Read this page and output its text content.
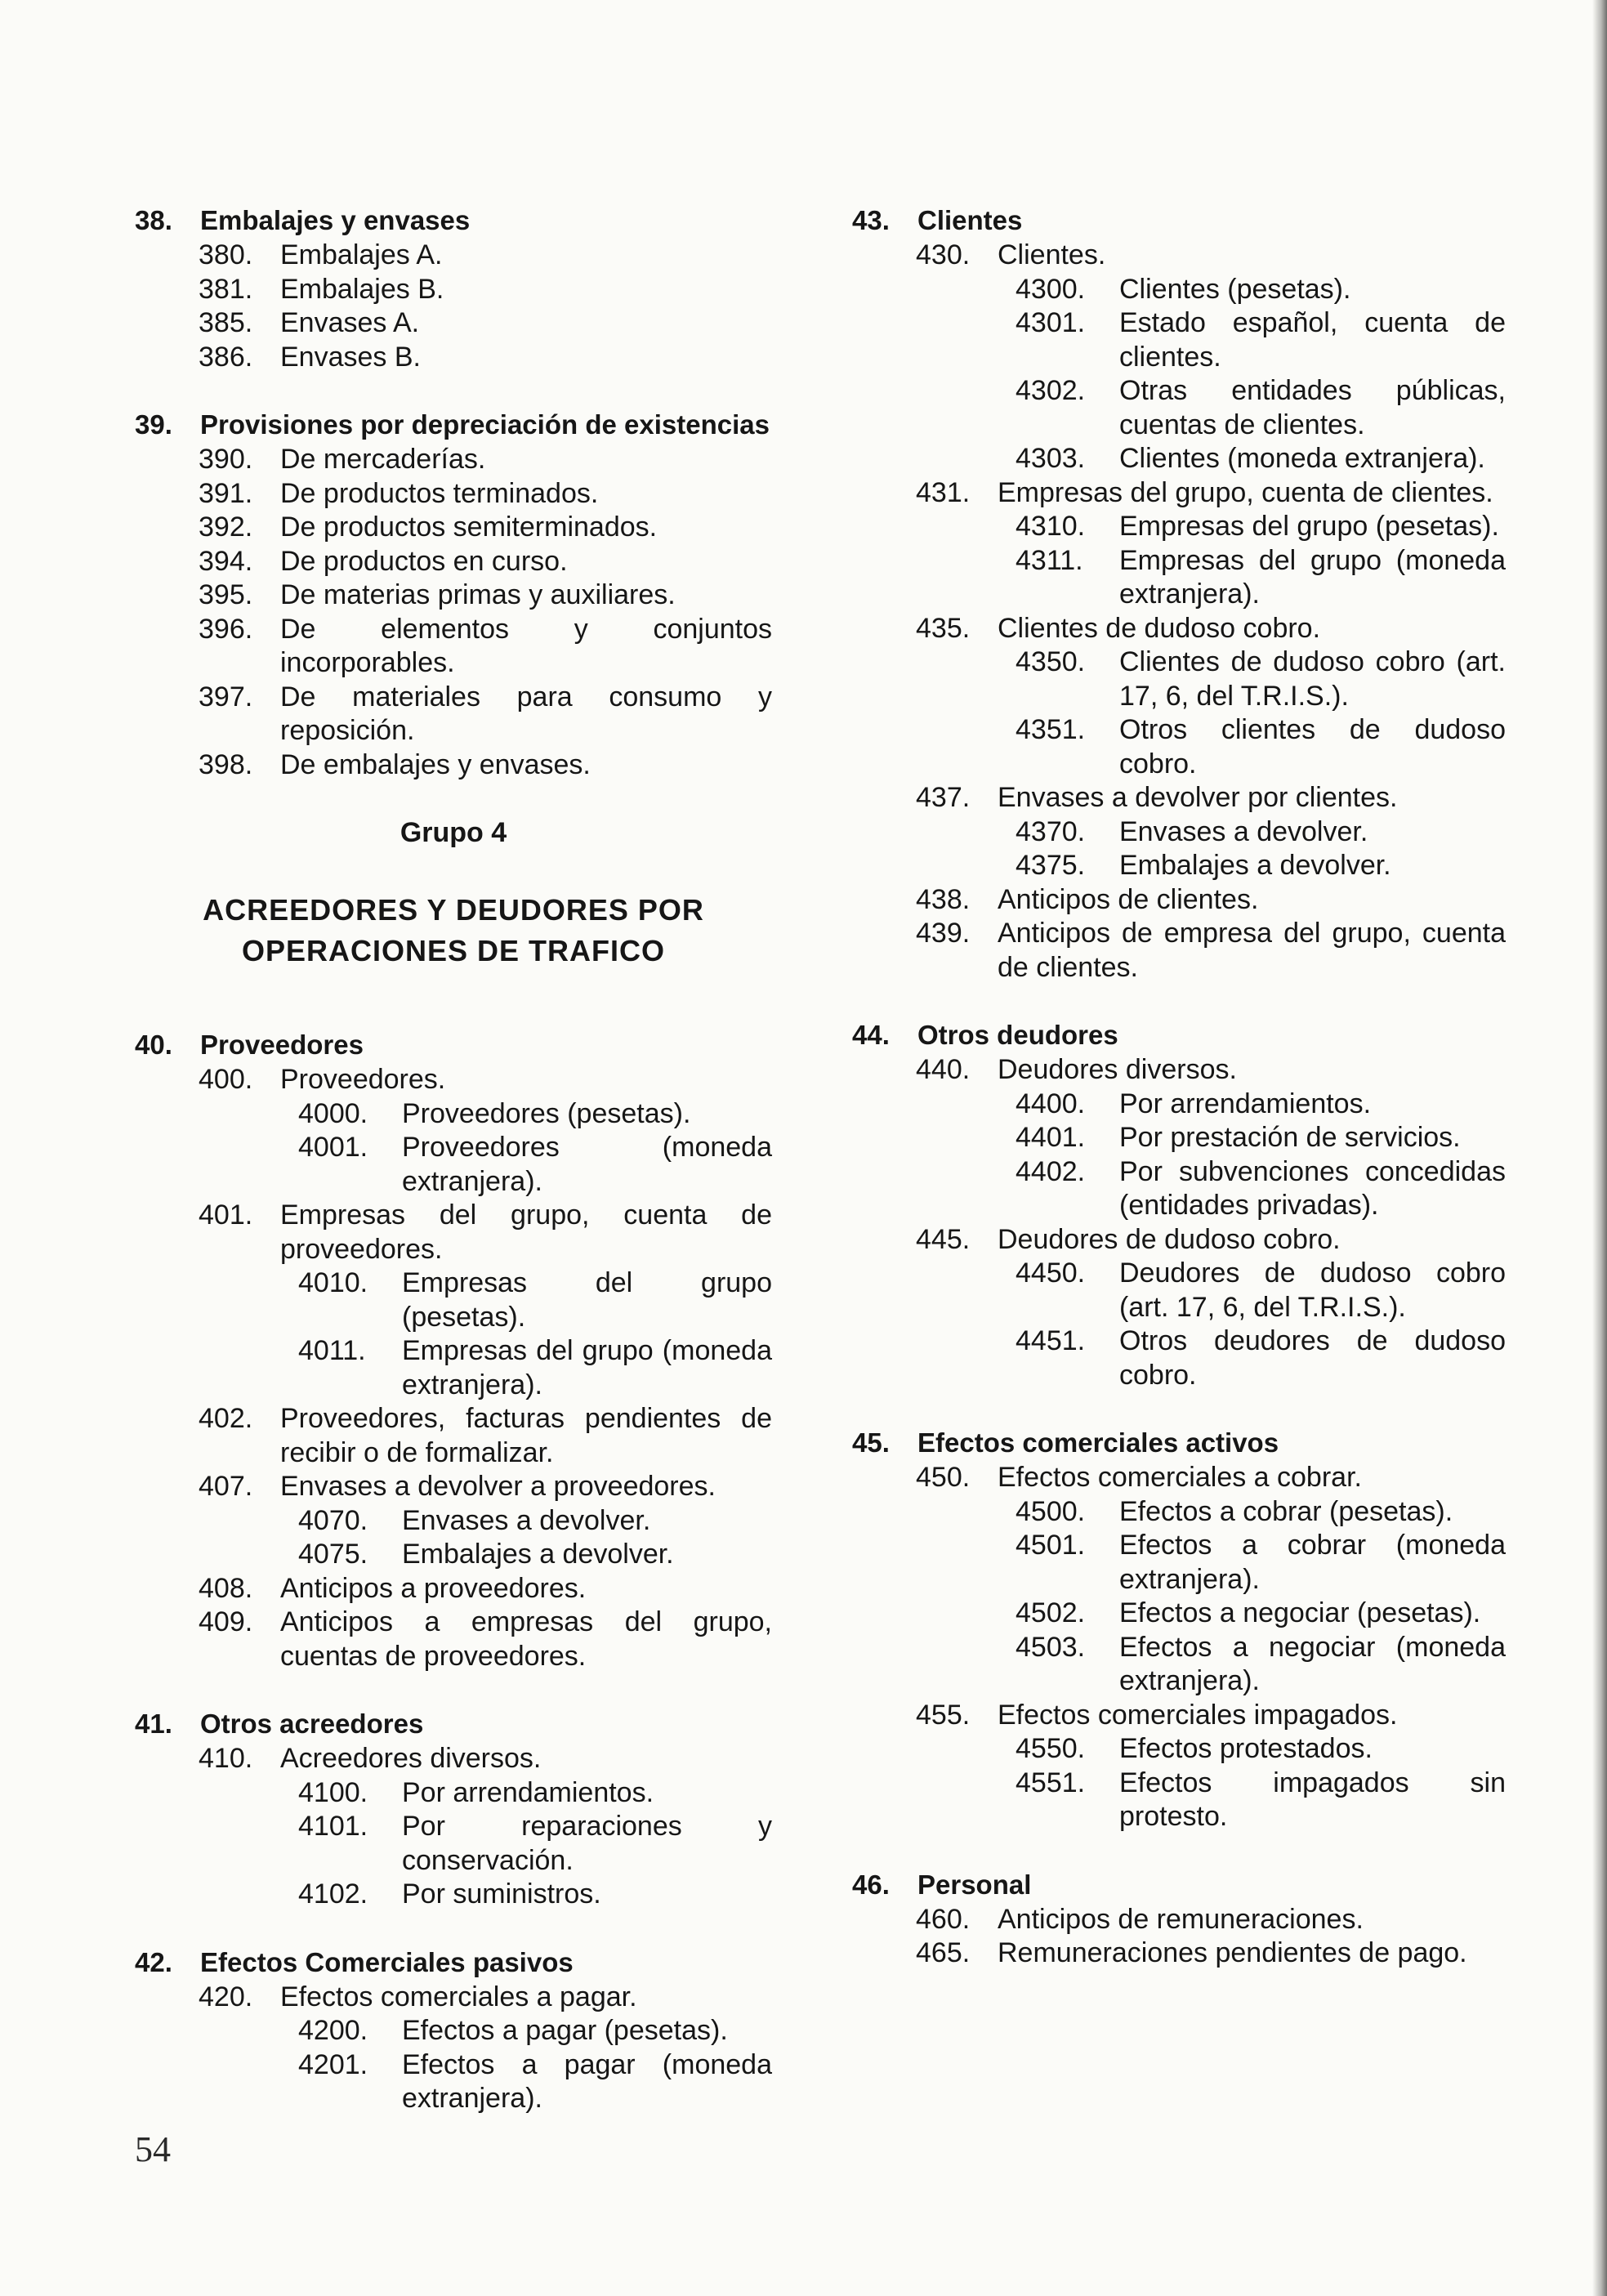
38.	Embalajes y envases
380. Embalajes A.
381. Embalajes B.
385. Envases A.
386. Envases B.
39.	Provisiones por depreciación de existencias
390. De mercaderías.
391. De productos terminados.
392. De productos semiterminados.
394. De productos en curso.
395. De materias primas y auxiliares.
396. De elementos y conjuntos incorporables.
397. De materiales para consumo y reposición.
398. De embalajes y envases.
Grupo 4
ACREEDORES Y DEUDORES POR
OPERACIONES DE TRAFICO
40.	Proveedores
400. Proveedores.
4000.	Proveedores (pesetas).
4001.	Proveedores (moneda extranjera).
401. Empresas del grupo, cuenta de proveedores.
4010.	Empresas del grupo (pesetas).
4011.	Empresas del grupo (moneda extranjera).
402. Proveedores, facturas pendientes de recibir o de formalizar.
407. Envases a devolver a proveedores.
4070.	Envases a devolver.
4075.	Embalajes a devolver.
408. Anticipos a proveedores.
409. Anticipos a empresas del grupo, cuentas de proveedores.
41.	Otros acreedores
410. Acreedores diversos.
4100.	Por arrendamientos.
4101.	Por reparaciones y conservación.
4102.	Por suministros.
42.	Efectos Comerciales pasivos
420. Efectos comerciales a pagar.
4200.	Efectos a pagar (pesetas).
4201.	Efectos a pagar (moneda extranjera).
43.	Clientes
430. Clientes.
4300.	Clientes (pesetas).
4301.	Estado español, cuenta de clientes.
4302.	Otras entidades públicas, cuentas de clientes.
4303.	Clientes (moneda extranjera).
431. Empresas del grupo, cuenta de clientes.
4310.	Empresas del grupo (pesetas).
4311.	Empresas del grupo (moneda extranjera).
435. Clientes de dudoso cobro.
4350.	Clientes de dudoso cobro (art. 17, 6, del T.R.I.S.).
4351.	Otros clientes de dudoso cobro.
437. Envases a devolver por clientes.
4370.	Envases a devolver.
4375.	Embalajes a devolver.
438. Anticipos de clientes.
439. Anticipos de empresa del grupo, cuenta de clientes.
44.	Otros deudores
440. Deudores diversos.
4400.	Por arrendamientos.
4401.	Por prestación de servicios.
4402.	Por subvenciones concedidas (entidades privadas).
445. Deudores de dudoso cobro.
4450.	Deudores de dudoso cobro (art. 17, 6, del T.R.I.S.).
4451.	Otros deudores de dudoso cobro.
45.	Efectos comerciales activos
450. Efectos comerciales a cobrar.
4500.	Efectos a cobrar (pesetas).
4501.	Efectos a cobrar (moneda extranjera).
4502.	Efectos a negociar (pesetas).
4503.	Efectos a negociar (moneda extranjera).
455. Efectos comerciales impagados.
4550.	Efectos protestados.
4551.	Efectos impagados sin protesto.
46.	Personal
460. Anticipos de remuneraciones.
465. Remuneraciones pendientes de pago.
54
